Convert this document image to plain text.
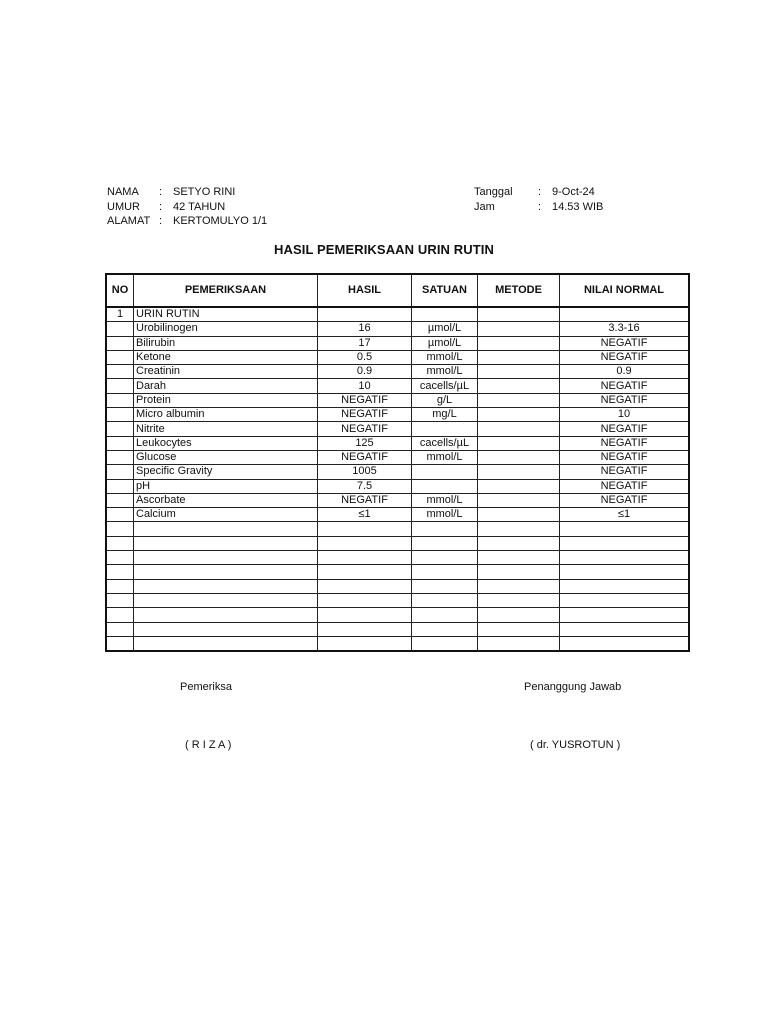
NAMA	: SETYO RINI
UMUR	: 42 TAHUN
ALAMAT : KERTOMULYO 1/1
Tanggal	: 9-Oct-24
Jam	: 14.53 WIB
HASIL PEMERIKSAAN URIN RUTIN
NO	PEMERIKSAAN	HASIL	SATUAN	METODE	NILAI NORMAL
1	URIN RUTIN				
	Urobilinogen	16	µmol/L		3.3-16
	Bilirubin	17	µmol/L		NEGATIF
	Ketone	0.5	mmol/L		NEGATIF
	Creatinin	0.9	mmol/L		0.9
	Darah	10	cacells/µL		NEGATIF
	Protein	NEGATIF	g/L		NEGATIF
	Micro albumin	NEGATIF	mg/L		10
	Nitrite	NEGATIF			NEGATIF
	Leukocytes	125	cacells/µL		NEGATIF
	Glucose	NEGATIF	mmol/L		NEGATIF
	Specific Gravity	1005			NEGATIF
	pH	7.5			NEGATIF
	Ascorbate	NEGATIF	mmol/L		NEGATIF
	Calcium	≤1	mmol/L		≤1

Pemeriksa	Penanggung Jawab
( R I Z A )	( dr. YUSROTUN )
